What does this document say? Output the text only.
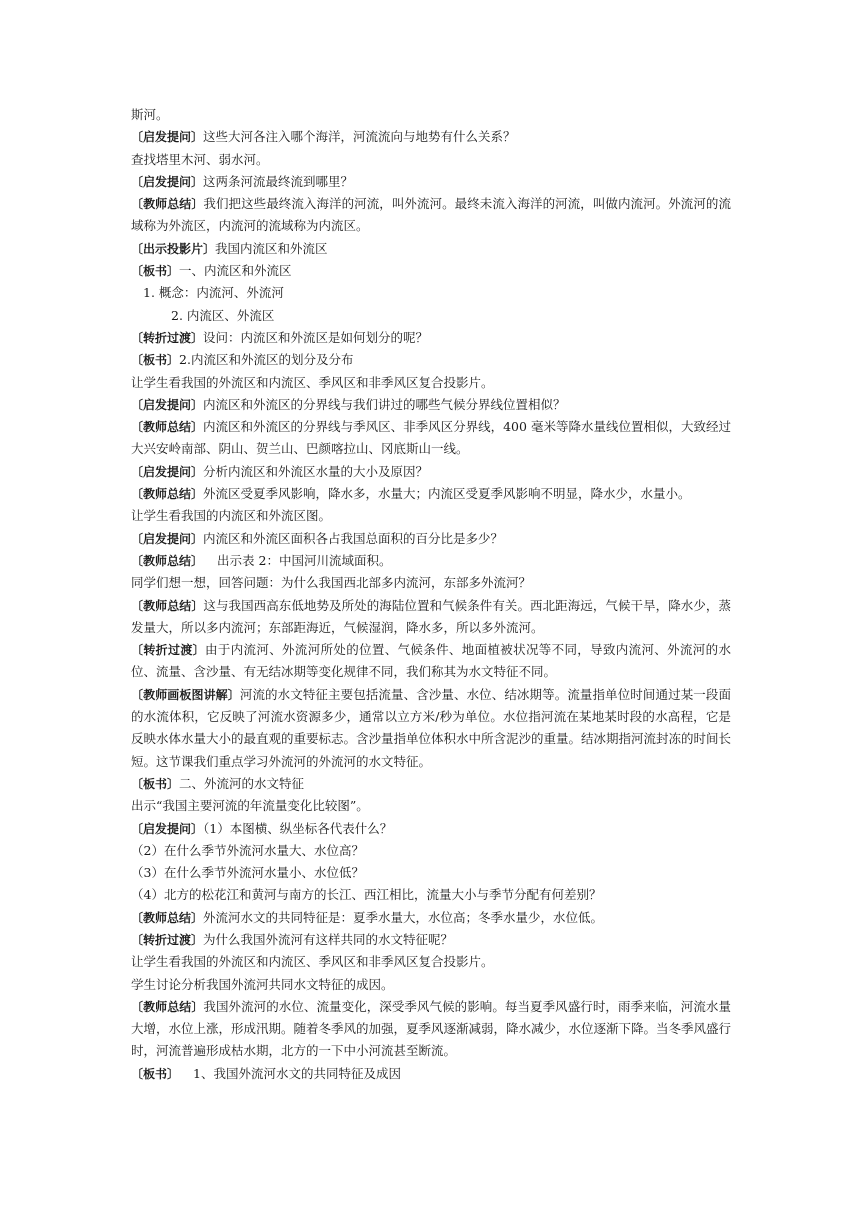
斯河。

〔启发提问〕这些大河各注入哪个海洋，河流流向与地势有什么关系？

查找塔里木河、弱水河。

〔启发提问〕这两条河流最终流到哪里？

〔教师总结〕我们把这些最终流入海洋的河流，叫外流河。最终未流入海洋的河流，叫做内流河。外流河的流域称为外流区，内流河的流域称为内流区。

〔出示投影片〕我国内流区和外流区

〔板书〕一、内流区和外流区

1. 概念：内流河、外流河

2. 内流区、外流区

〔转折过渡〕设问：内流区和外流区是如何划分的呢？

〔板书〕2.内流区和外流区的划分及分布

让学生看我国的外流区和内流区、季风区和非季风区复合投影片。

〔启发提问〕内流区和外流区的分界线与我们讲过的哪些气候分界线位置相似？

〔教师总结〕内流区和外流区的分界线与季风区、非季风区分界线，400 毫米等降水量线位置相似，大致经过大兴安岭南部、阴山、贺兰山、巴颜喀拉山、冈底斯山一线。

〔启发提问〕分析内流区和外流区水量的大小及原因？

〔教师总结〕外流区受夏季风影响，降水多，水量大；内流区受夏季风影响不明显，降水少，水量小。

让学生看我国的内流区和外流区图。

〔启发提问〕内流区和外流区面积各占我国总面积的百分比是多少？

〔教师总结〕 出示表 2：中国河川流域面积。

同学们想一想，回答问题：为什么我国西北部多内流河，东部多外流河？

〔教师总结〕这与我国西高东低地势及所处的海陆位置和气候条件有关。西北距海远，气候干旱，降水少，蒸发量大，所以多内流河；东部距海近，气候湿润，降水多，所以多外流河。

〔转折过渡〕由于内流河、外流河所处的位置、气候条件、地面植被状况等不同，导致内流河、外流河的水位、流量、含沙量、有无结冰期等变化规律不同，我们称其为水文特征不同。

〔教师画板图讲解〕河流的水文特征主要包括流量、含沙量、水位、结冰期等。流量指单位时间通过某一段面的水流体积，它反映了河流水资源多少，通常以立方米/秒为单位。水位指河流在某地某时段的水高程，它是反映水体水量大小的最直观的重要标志。含沙量指单位体积水中所含泥沙的重量。结冰期指河流封冻的时间长短。这节课我们重点学习外流河的外流河的水文特征。

〔板书〕二、外流河的水文特征

出示“我国主要河流的年流量变化比较图”。

〔启发提问〕（1）本图横、纵坐标各代表什么？

（2）在什么季节外流河水量大、水位高？

（3）在什么季节外流河水量小、水位低？

（4）北方的松花江和黄河与南方的长江、西江相比，流量大小与季节分配有何差别？

〔教师总结〕外流河水文的共同特征是：夏季水量大，水位高；冬季水量少，水位低。

〔转折过渡〕为什么我国外流河有这样共同的水文特征呢？

让学生看我国的外流区和内流区、季风区和非季风区复合投影片。

学生讨论分析我国外流河共同水文特征的成因。

〔教师总结〕我国外流河的水位、流量变化，深受季风气候的影响。每当夏季风盛行时，雨季来临，河流水量大增，水位上涨，形成汛期。随着冬季风的加强，夏季风逐渐减弱，降水减少，水位逐渐下降。当冬季风盛行时，河流普遍形成枯水期，北方的一下中小河流甚至断流。

〔板书〕 1、我国外流河水文的共同特征及成因
